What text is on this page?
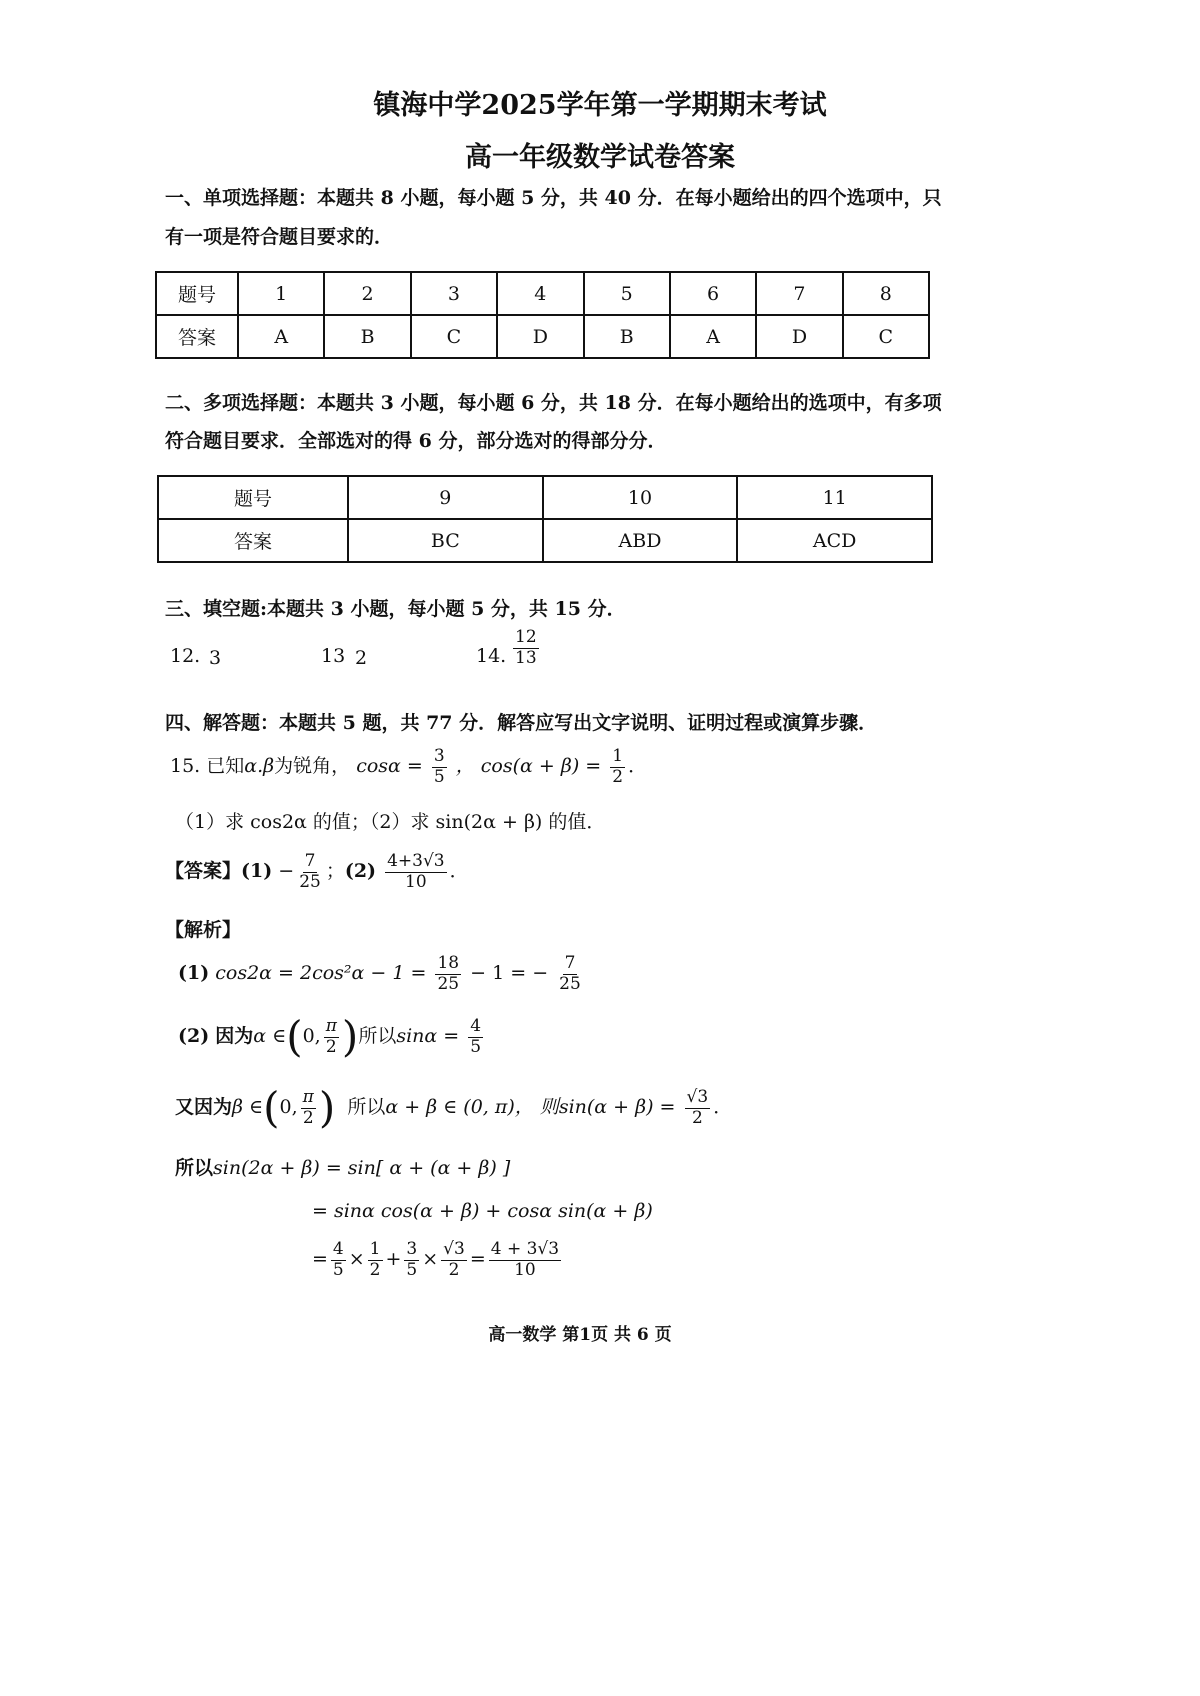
镇海中学2025学年第一学期期末考试
高一年级数学试卷答案
一、单项选择题：本题共 8 小题，每小题 5 分，共 40 分．在每小题给出的四个选项中，只
有一项是符合题目要求的．
题号	1	2	3	4	5	6	7	8
答案	A	B	C	D	B	A	D	C
二、多项选择题：本题共 3 小题，每小题 6 分，共 18 分．在每小题给出的选项中，有多项
符合题目要求．全部选对的得 6 分，部分选对的得部分分．
题号	9	10	11
答案	BC	ABD	ACD
三、填空题:本题共 3 小题，每小题 5 分，共 15 分．
12. 3	13 2	14. $\frac{12}{13}$
四、解答题：本题共 5 题，共 77 分．解答应写出文字说明、证明过程或演算步骤．
15. 已知α.β为锐角， $\cos\alpha = \frac{3}{5}$ ， $\cos(\alpha + \beta) = \frac{1}{2}$ ．
（1）求 cos2α 的值；（2）求 sin(2α + β) 的值．
【答案】$(1) - \frac{7}{25}$ ；$(2) \frac{4+3√3}{10}$ ．
【解析】
(1) $\cos 2\alpha = 2\cos^2\alpha - 1 = \frac{18}{25} - 1$ = − $\frac{7}{25}$
(2) 因为α ∈(0, $\frac{\pi}{2}$ )所以$\sin\alpha = \frac{4}{5}$
又因为β ∈(0, $\frac{\pi}{2}$ ) 所以α + β ∈ (0, π)， 则$\sin(\alpha + \beta) = \frac{√3}{2}$ ．
所以sin(2α + β) = sin[ α + (α + β) ]
= sinα cos(α + β) + cosα sin(α + β)
= $\frac{4}{5} \times \frac{1}{2} + \frac{3}{5} \times \frac{√3}{2} = \frac{4 + 3√3}{10}$
高一数学 第1页 共 6 页
